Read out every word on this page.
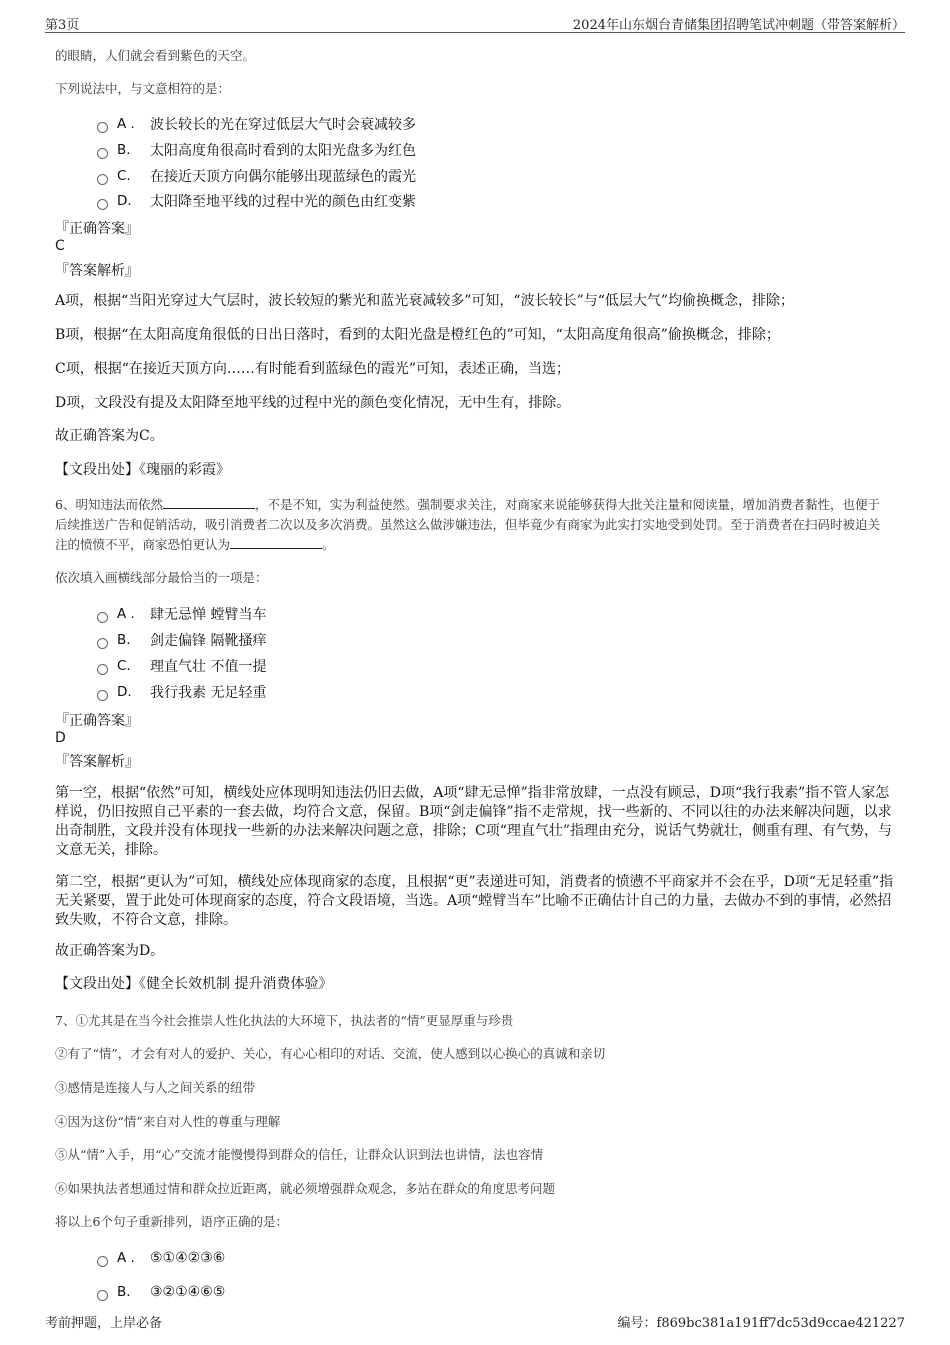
第3页	2024年山东烟台青储集团招聘笔试冲刺题（带答案解析）
的眼睛，人们就会看到紫色的天空。
下列说法中，与文意相符的是：
A .	波长较长的光在穿过低层大气时会衰减较多
B.	太阳高度角很高时看到的太阳光盘多为红色
C.	在接近天顶方向偶尔能够出现蓝绿色的霞光
D.	太阳降至地平线的过程中光的颜色由红变紫
『正确答案』
C
『答案解析』
A项，根据“当阳光穿过大气层时，波长较短的紫光和蓝光衰减较多”可知，“波长较长”与“低层大气”均偷换概念，排除；
B项，根据“在太阳高度角很低的日出日落时，看到的太阳光盘是橙红色的”可知，“太阳高度角很高”偷换概念，排除；
C项，根据“在接近天顶方向……有时能看到蓝绿色的霞光”可知，表述正确，当选；
D项，文段没有提及太阳降至地平线的过程中光的颜色变化情况，无中生有，排除。
故正确答案为C。
【文段出处】《瑰丽的彩霞》
6、明知违法而依然	，不是不知，实为利益使然。强制要求关注，对商家来说能够获得大批关注量和阅读量，增加消费者黏性，也便于后续推送广告和促销活动，吸引消费者二次以及多次消费。虽然这么做涉嫌违法，但毕竟少有商家为此实打实地受到处罚。至于消费者在扫码时被迫关注的愤愤不平，商家恐怕更认为	。
依次填入画横线部分最恰当的一项是：
A .	肆无忌惮 螳臂当车
B.	剑走偏锋 隔靴搔痒
C.	理直气壮 不值一提
D.	我行我素 无足轻重
『正确答案』
D
『答案解析』
第一空，根据“依然”可知，横线处应体现明知违法仍旧去做，A项“肆无忌惮”指非常放肆，一点没有顾忌，D项“我行我素”指不管人家怎样说，仍旧按照自己平素的一套去做，均符合文意，保留。B项“剑走偏锋”指不走常规，找一些新的、不同以往的办法来解决问题，以求出奇制胜，文段并没有体现找一些新的办法来解决问题之意，排除；C项“理直气壮”指理由充分，说话气势就壮，侧重有理、有气势，与文意无关，排除。
第二空，根据“更认为”可知，横线处应体现商家的态度，且根据“更”表递进可知，消费者的愤懑不平商家并不会在乎，D项“无足轻重”指无关紧要，置于此处可体现商家的态度，符合文段语境，当选。A项“螳臂当车”比喻不正确估计自己的力量，去做办不到的事情，必然招致失败，不符合文意，排除。
故正确答案为D。
【文段出处】《健全长效机制 提升消费体验》
7、①尤其是在当今社会推崇人性化执法的大环境下，执法者的“情”更显厚重与珍贵
②有了“情”，才会有对人的爱护、关心，有心心相印的对话、交流，使人感到以心换心的真诚和亲切
③感情是连接人与人之间关系的纽带
④因为这份“情”来自对人性的尊重与理解
⑤从“情”入手，用“心”交流才能慢慢得到群众的信任，让群众认识到法也讲情，法也容情
⑥如果执法者想通过情和群众拉近距离，就必须增强群众观念，多站在群众的角度思考问题
将以上6个句子重新排列，语序正确的是：
A .	⑤①④②③⑥
B.	③②①④⑥⑤
考前押题，上岸必备	编号：f869bc381a191ff7dc53d9ccae421227
